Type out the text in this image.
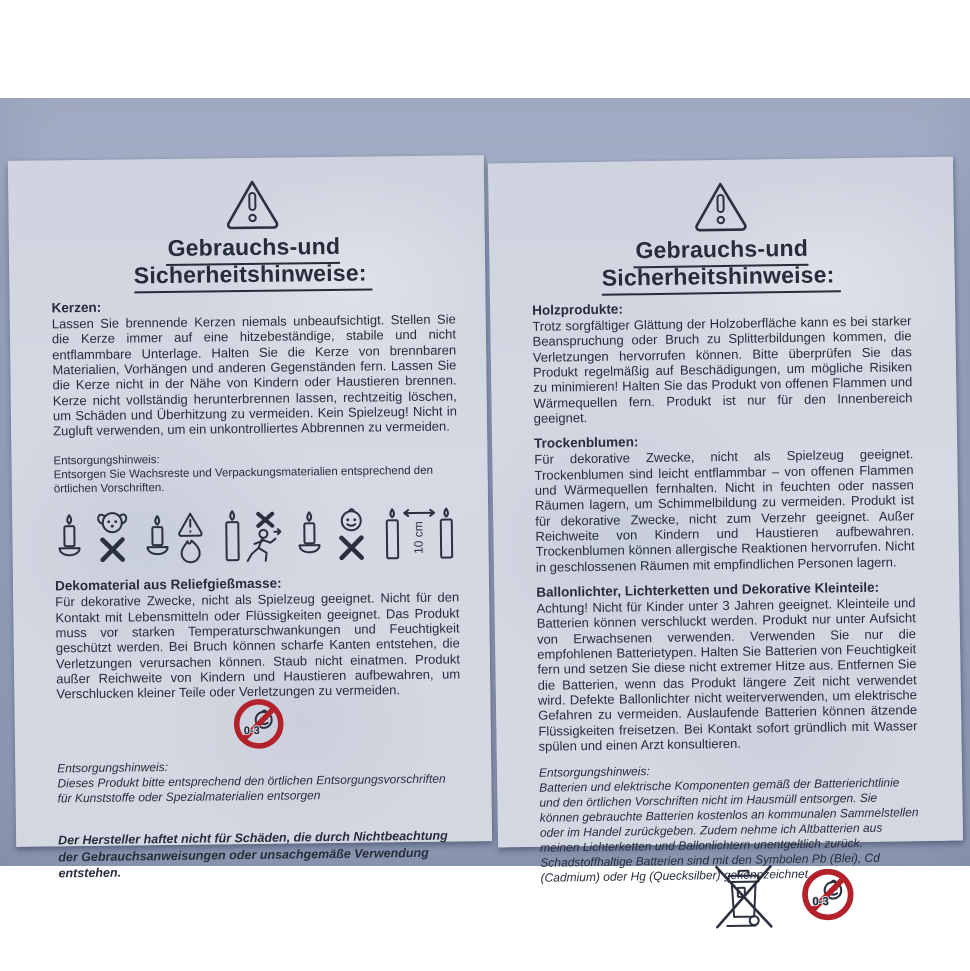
Gebrauchs-und Sicherheitshinweise:
Kerzen:

Lassen Sie brennende Kerzen niemals unbeaufsichtigt. Stellen Sie die Kerze immer auf eine hitzebeständige, stabile und nicht entflammbare Unterlage. Halten Sie die Kerze von brennbaren Materialien, Vorhängen und anderen Gegenständen fern. Lassen Sie die Kerze nicht in der Nähe von Kindern oder Haustieren brennen. Kerze nicht vollständig herunterbrennen lassen, rechtzeitig löschen, um Schäden und Überhitzung zu vermeiden. Kein Spielzeug! Nicht in Zugluft verwenden, um ein unkontrolliertes Abbrennen zu vermeiden.

Entsorgungshinweis:

Entsorgen Sie Wachsreste und Verpackungsmaterialien entsprechend den örtlichen Vorschriften.

10 cm
Dekomaterial aus Reliefgießmasse:

Für dekorative Zwecke, nicht als Spielzeug geeignet. Nicht für den Kontakt mit Lebensmitteln oder Flüssigkeiten geeignet. Das Produkt muss vor starken Temperaturschwankungen und Feuchtigkeit geschützt werden. Bei Bruch können scharfe Kanten entstehen, die Verletzungen verursachen können. Staub nicht einatmen. Produkt außer Reichweite von Kindern und Haustieren aufbewahren, um Verschlucken kleiner Teile oder Verletzungen zu vermeiden.

0-3
Entsorgungshinweis:

Dieses Produkt bitte entsprechend den örtlichen Entsorgungsvorschriften für Kunststoffe oder Spezialmaterialien entsorgen

Der Hersteller haftet nicht für Schäden, die durch Nichtbeachtung der Gebrauchsanweisungen oder unsachgemäße Verwendung entstehen.

Gebrauchs-und Sicherheitshinweise:
Holzprodukte:

Trotz sorgfältiger Glättung der Holzoberfläche kann es bei starker Beanspruchung oder Bruch zu Splitterbildungen kommen, die Verletzungen hervorrufen können. Bitte überprüfen Sie das Produkt regelmäßig auf Beschädigungen, um mögliche Risiken zu minimieren! Halten Sie das Produkt von offenen Flammen und Wärmequellen fern. Produkt ist nur für den Innenbereich geeignet.

Trockenblumen:

Für dekorative Zwecke, nicht als Spielzeug geeignet. Trockenblumen sind leicht entflammbar – von offenen Flammen und Wärmequellen fernhalten. Nicht in feuchten oder nassen Räumen lagern, um Schimmelbildung zu vermeiden. Produkt ist für dekorative Zwecke, nicht zum Verzehr geeignet. Außer Reichweite von Kindern und Haustieren aufbewahren. Trockenblumen können allergische Reaktionen hervorrufen. Nicht in geschlossenen Räumen mit empfindlichen Personen lagern.

Ballonlichter, Lichterketten und Dekorative Kleinteile:

Achtung! Nicht für Kinder unter 3 Jahren geeignet. Kleinteile und Batterien können verschluckt werden. Produkt nur unter Aufsicht von Erwachsenen verwenden. Verwenden Sie nur die empfohlenen Batterietypen. Halten Sie Batterien von Feuchtigkeit fern und setzen Sie diese nicht extremer Hitze aus. Entfernen Sie die Batterien, wenn das Produkt längere Zeit nicht verwendet wird. Defekte Ballonlichter nicht weiterverwenden, um elektrische Gefahren zu vermeiden. Auslaufende Batterien können ätzende Flüssigkeiten freisetzen. Bei Kontakt sofort gründlich mit Wasser spülen und einen Arzt konsultieren.

Entsorgungshinweis:

Batterien und elektrische Komponenten gemäß der Batterierichtlinie und den örtlichen Vorschriften nicht im Hausmüll entsorgen. Sie können gebrauchte Batterien kostenlos an kommunalen Sammelstellen oder im Handel zurückgeben. Zudem nehme ich Altbatterien aus meinen Lichterketten und Ballonlichtern unentgeltlich zurück. Schadstoffhaltige Batterien sind mit den Symbolen Pb (Blei), Cd (Cadmium) oder Hg (Quecksilber) gekennzeichnet.

0-3
